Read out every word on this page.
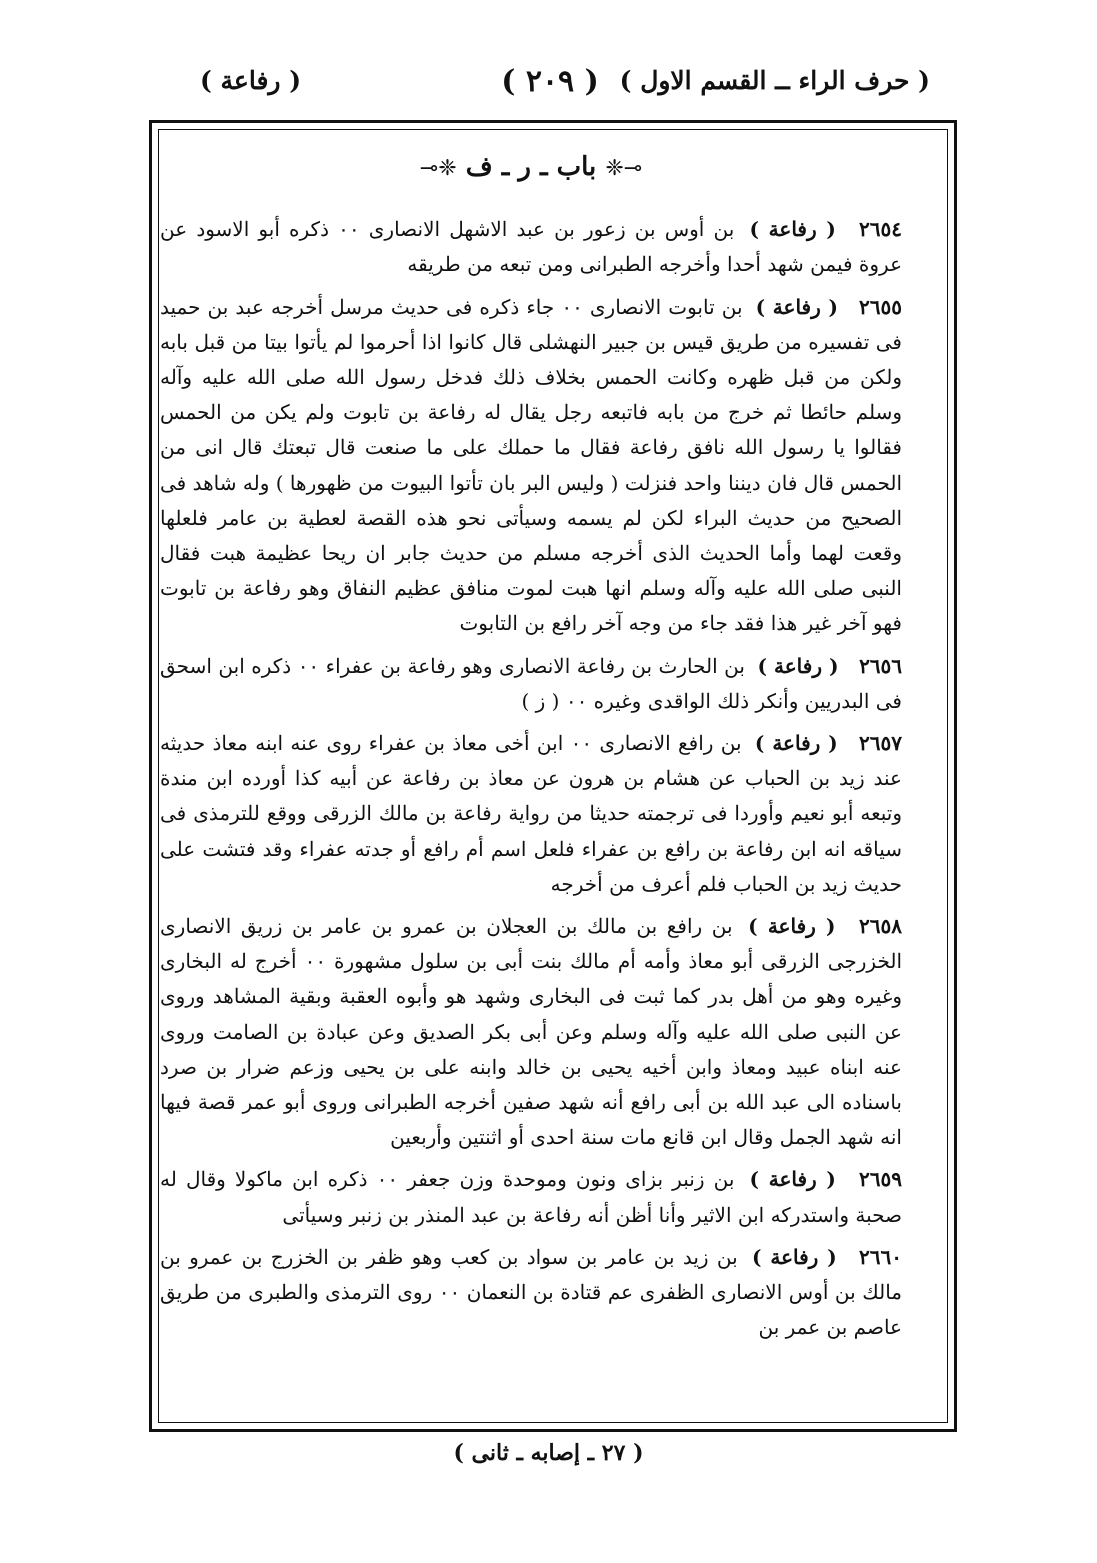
( حرف الراء ــ القسم الاول )
( ٢٠٩ )
( رفاعة )
⊸❈ باب ـ ر ـ ف ❈⟜

٢٦٥٤ ( رفاعة ) بن أوس بن زعور بن عبد الاشهل الانصارى ٠٠ ذكره أبو الاسود عن عروة فيمن شهد أحدا وأخرجه الطبرانى ومن تبعه من طريقه

٢٦٥٥ ( رفاعة ) بن تابوت الانصارى ٠٠ جاء ذكره فى حديث مرسل أخرجه عبد بن حميد فى تفسيره من طريق قيس بن جبير النهشلى قال كانوا اذا أحرموا لم يأتوا بيتا من قبل بابه ولكن من قبل ظهره وكانت الحمس بخلاف ذلك فدخل رسول الله صلى الله عليه وآله وسلم حائطا ثم خرج من بابه فاتبعه رجل يقال له رفاعة بن تابوت ولم يكن من الحمس فقالوا يا رسول الله نافق رفاعة فقال ما حملك على ما صنعت قال تبعتك قال انى من الحمس قال فان ديننا واحد فنزلت ( وليس البر بان تأتوا البيوت من ظهورها ) وله شاهد فى الصحيح من حديث البراء لكن لم يسمه وسيأتى نحو هذه القصة لعطية بن عامر فلعلها وقعت لهما وأما الحديث الذى أخرجه مسلم من حديث جابر ان ريحا عظيمة هبت فقال النبى صلى الله عليه وآله وسلم انها هبت لموت منافق عظيم النفاق وهو رفاعة بن تابوت فهو آخر غير هذا فقد جاء من وجه آخر رافع بن التابوت

٢٦٥٦ ( رفاعة ) بن الحارث بن رفاعة الانصارى وهو رفاعة بن عفراء ٠٠ ذكره ابن اسحق فى البدريين وأنكر ذلك الواقدى وغيره ٠٠ ( ز )

٢٦٥٧ ( رفاعة ) بن رافع الانصارى ٠٠ ابن أخى معاذ بن عفراء روى عنه ابنه معاذ حديثه عند زيد بن الحباب عن هشام بن هرون عن معاذ بن رفاعة عن أبيه كذا أورده ابن مندة وتبعه أبو نعيم وأوردا فى ترجمته حديثا من رواية رفاعة بن مالك الزرقى ووقع للترمذى فى سياقه انه ابن رفاعة بن رافع بن عفراء فلعل اسم أم رافع أو جدته عفراء وقد فتشت على حديث زيد بن الحباب فلم أعرف من أخرجه

٢٦٥٨ ( رفاعة ) بن رافع بن مالك بن العجلان بن عمرو بن عامر بن زريق الانصارى الخزرجى الزرقى أبو معاذ وأمه أم مالك بنت أبى بن سلول مشهورة ٠٠ أخرج له البخارى وغيره وهو من أهل بدر كما ثبت فى البخارى وشهد هو وأبوه العقبة وبقية المشاهد وروى عن النبى صلى الله عليه وآله وسلم وعن أبى بكر الصديق وعن عبادة بن الصامت وروى عنه ابناه عبيد ومعاذ وابن أخيه يحيى بن خالد وابنه على بن يحيى وزعم ضرار بن صرد باسناده الى عبد الله بن أبى رافع أنه شهد صفين أخرجه الطبرانى وروى أبو عمر قصة فيها انه شهد الجمل وقال ابن قانع مات سنة احدى أو اثنتين وأربعين

٢٦٥٩ ( رفاعة ) بن زنبر بزاى ونون وموحدة وزن جعفر ٠٠ ذكره ابن ماكولا وقال له صحبة واستدركه ابن الاثير وأنا أظن أنه رفاعة بن عبد المنذر بن زنبر وسيأتى

٢٦٦٠ ( رفاعة ) بن زيد بن عامر بن سواد بن كعب وهو ظفر بن الخزرج بن عمرو بن مالك بن أوس الانصارى الظفرى عم قتادة بن النعمان ٠٠ روى الترمذى والطبرى من طريق عاصم بن عمر بن

( ٢٧ ـ إصابه ـ ثانى )
